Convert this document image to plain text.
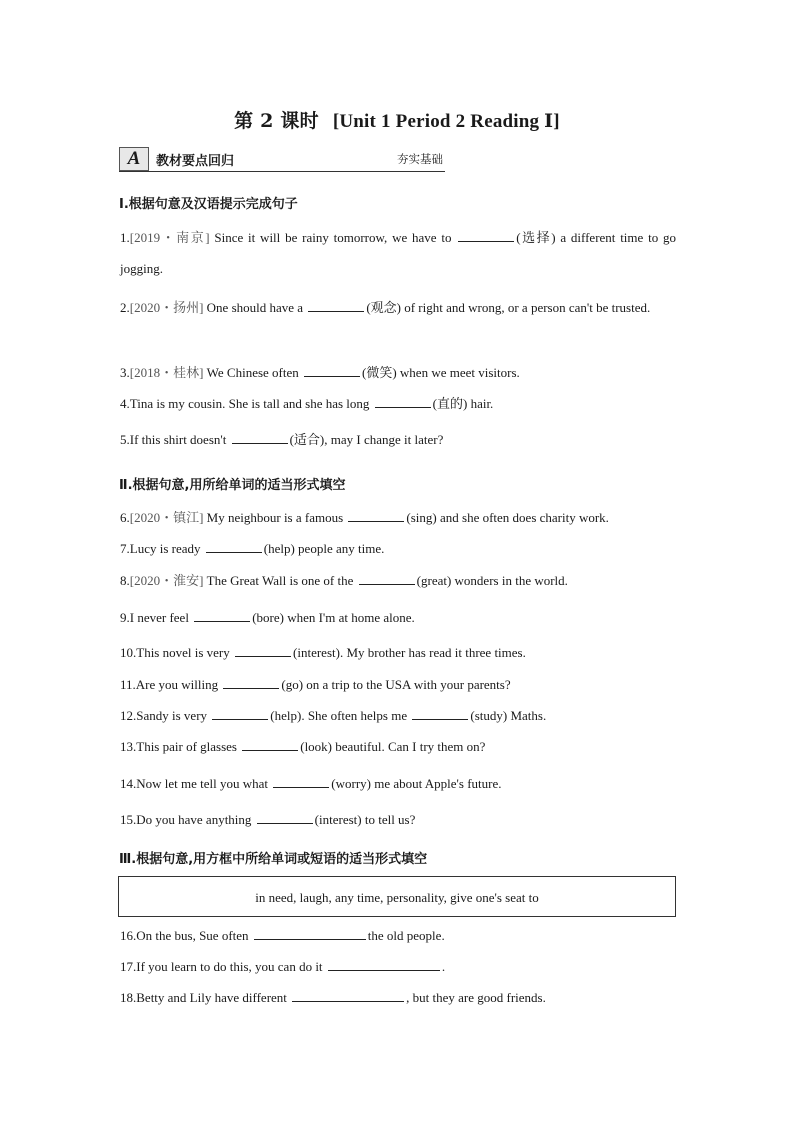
第 2 课时 [Unit 1 Period 2 Reading Ⅰ]
A	教材要点回归	夯实基础
Ⅰ.根据句意及汉语提示完成句子
1.[2019・南京] Since it will be rainy tomorrow, we have to	(选择) a different time to go jogging.
2.[2020・扬州] One should have a	(观念) of right and wrong, or a person can't be trusted.
3.[2018・桂林] We Chinese often	(微笑) when we meet visitors.
4.Tina is my cousin. She is tall and she has long	(直的) hair.
5.If this shirt doesn't	(适合), may I change it later?
Ⅱ.根据句意,用所给单词的适当形式填空
6.[2020・镇江] My neighbour is a famous	(sing) and she often does charity work.
7.Lucy is ready	(help) people any time.
8.[2020・淮安] The Great Wall is one of the	(great) wonders in the world.
9.I never feel	(bore) when I'm at home alone.
10.This novel is very	(interest). My brother has read it three times.
11.Are you willing	(go) on a trip to the USA with your parents?
12.Sandy is very	(help). She often helps me	(study) Maths.
13.This pair of glasses	(look) beautiful. Can I try them on?
14.Now let me tell you what	(worry) me about Apple's future.
15.Do you have anything	(interest) to tell us?
Ⅲ.根据句意,用方框中所给单词或短语的适当形式填空
in need, laugh, any time, personality, give one's seat to
16.On the bus, Sue often	the old people.
17.If you learn to do this, you can do it	.
18.Betty and Lily have different	, but they are good friends.
